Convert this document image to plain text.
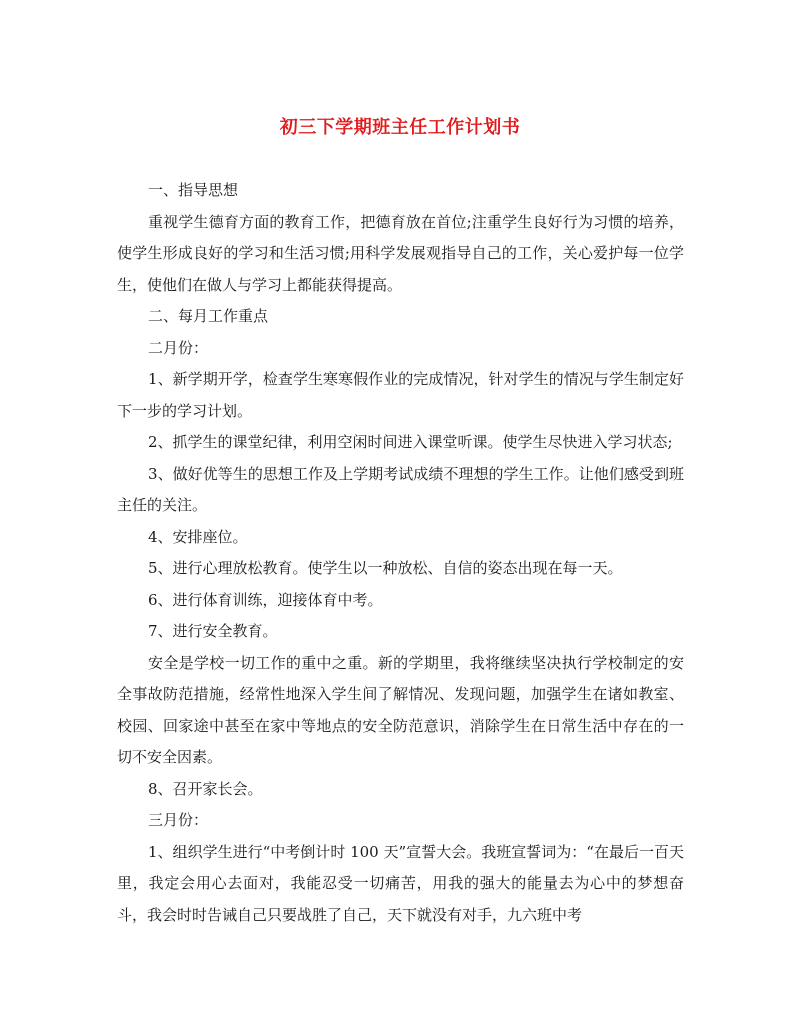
初三下学期班主任工作计划书

一、指导思想

重视学生德育方面的教育工作，把德育放在首位;注重学生良好行为习惯的培养，使学生形成良好的学习和生活习惯;用科学发展观指导自己的工作，关心爱护每一位学生，使他们在做人与学习上都能获得提高。

二、每月工作重点

二月份：

1、新学期开学，检查学生寒寒假作业的完成情况，针对学生的情况与学生制定好下一步的学习计划。

2、抓学生的课堂纪律，利用空闲时间进入课堂听课。使学生尽快进入学习状态;

3、做好优等生的思想工作及上学期考试成绩不理想的学生工作。让他们感受到班主任的关注。

4、安排座位。

5、进行心理放松教育。使学生以一种放松、自信的姿态出现在每一天。

6、进行体育训练，迎接体育中考。

7、进行安全教育。

安全是学校一切工作的重中之重。新的学期里，我将继续坚决执行学校制定的安全事故防范措施，经常性地深入学生间了解情况、发现问题，加强学生在诸如教室、校园、回家途中甚至在家中等地点的安全防范意识，消除学生在日常生活中存在的一切不安全因素。

8、召开家长会。

三月份：

1、组织学生进行“中考倒计时 100 天”宣誓大会。我班宣誓词为：“在最后一百天里，我定会用心去面对，我能忍受一切痛苦，用我的强大的能量去为心中的梦想奋斗，我会时时告诫自己只要战胜了自己，天下就没有对手，九六班中考
